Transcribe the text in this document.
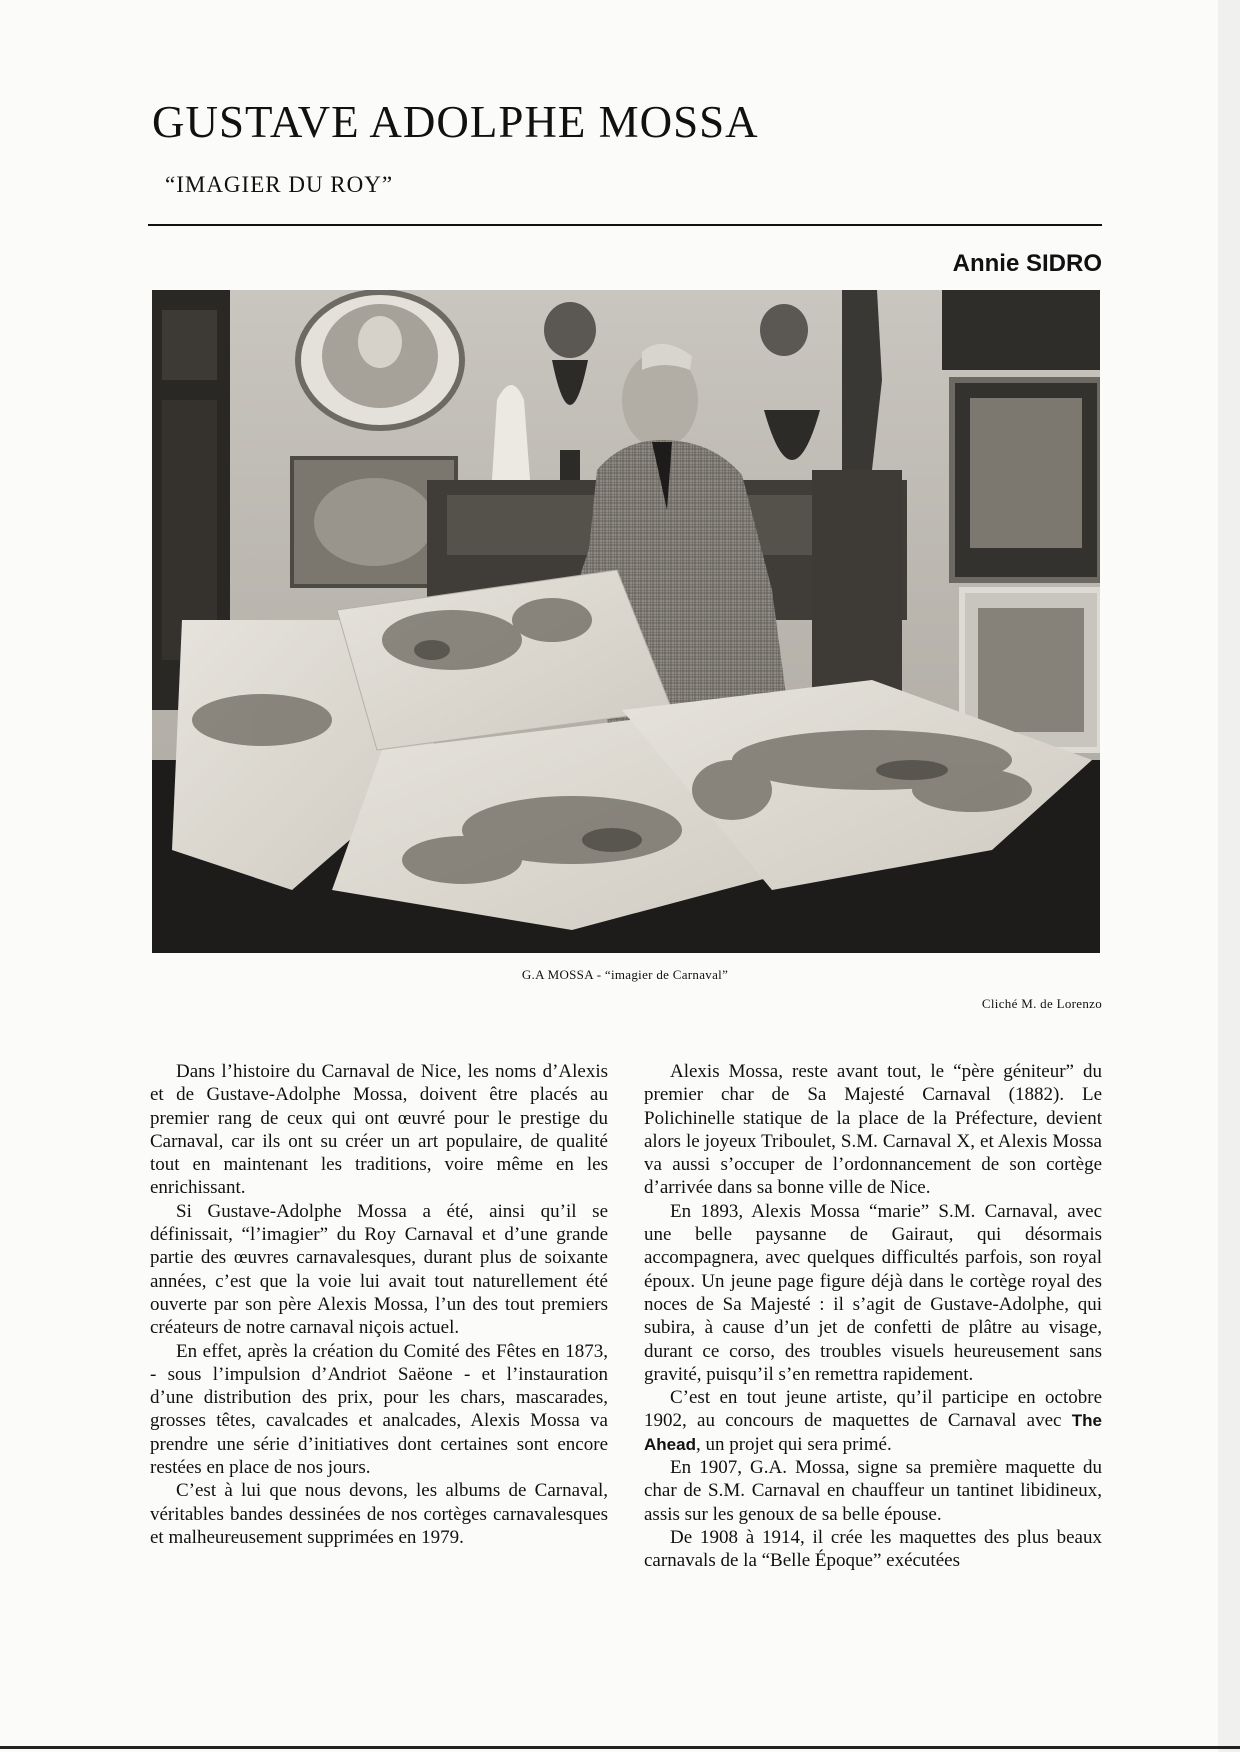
GUSTAVE ADOLPHE MOSSA
“IMAGIER DU ROY”
Annie SIDRO
G.A MOSSA - “imagier de Carnaval”
Cliché M. de Lorenzo

Dans l’histoire du Carnaval de Nice, les noms d’Alexis et de Gustave-Adolphe Mossa, doivent être placés au premier rang de ceux qui ont œuvré pour le prestige du Carnaval, car ils ont su créer un art populaire, de qualité tout en maintenant les traditions, voire même en les enrichissant.

Si Gustave-Adolphe Mossa a été, ainsi qu’il se définissait, “l’imagier” du Roy Carnaval et d’une grande partie des œuvres carnavalesques, durant plus de soixante années, c’est que la voie lui avait tout naturellement été ouverte par son père Alexis Mossa, l’un des tout premiers créateurs de notre carnaval niçois actuel.

En effet, après la création du Comité des Fêtes en 1873, - sous l’impulsion d’Andriot Saëone - et l’instauration d’une distribution des prix, pour les chars, mascarades, grosses têtes, cavalcades et analcades, Alexis Mossa va prendre une série d’initiatives dont certaines sont encore restées en place de nos jours.

C’est à lui que nous devons, les albums de Carnaval, véritables bandes dessinées de nos cortèges carnavalesques et malheureusement supprimées en 1979.

Alexis Mossa, reste avant tout, le “père géniteur” du premier char de Sa Majesté Carnaval (1882). Le Polichinelle statique de la place de la Préfecture, devient alors le joyeux Triboulet, S.M. Carnaval X, et Alexis Mossa va aussi s’occuper de l’ordonnancement de son cortège d’arrivée dans sa bonne ville de Nice.

En 1893, Alexis Mossa “marie” S.M. Carnaval, avec une belle paysanne de Gairaut, qui désormais accompagnera, avec quelques difficultés parfois, son royal époux. Un jeune page figure déjà dans le cortège royal des noces de Sa Majesté : il s’agit de Gustave-Adolphe, qui subira, à cause d’un jet de confetti de plâtre au visage, durant ce corso, des troubles visuels heureusement sans gravité, puisqu’il s’en remettra rapidement.

C’est en tout jeune artiste, qu’il participe en octobre 1902, au concours de maquettes de Carnaval avec The Ahead, un projet qui sera primé.

En 1907, G.A. Mossa, signe sa première maquette du char de S.M. Carnaval en chauffeur un tantinet libidineux, assis sur les genoux de sa belle épouse.

De 1908 à 1914, il crée les maquettes des plus beaux carnavals de la “Belle Époque” exécutées
